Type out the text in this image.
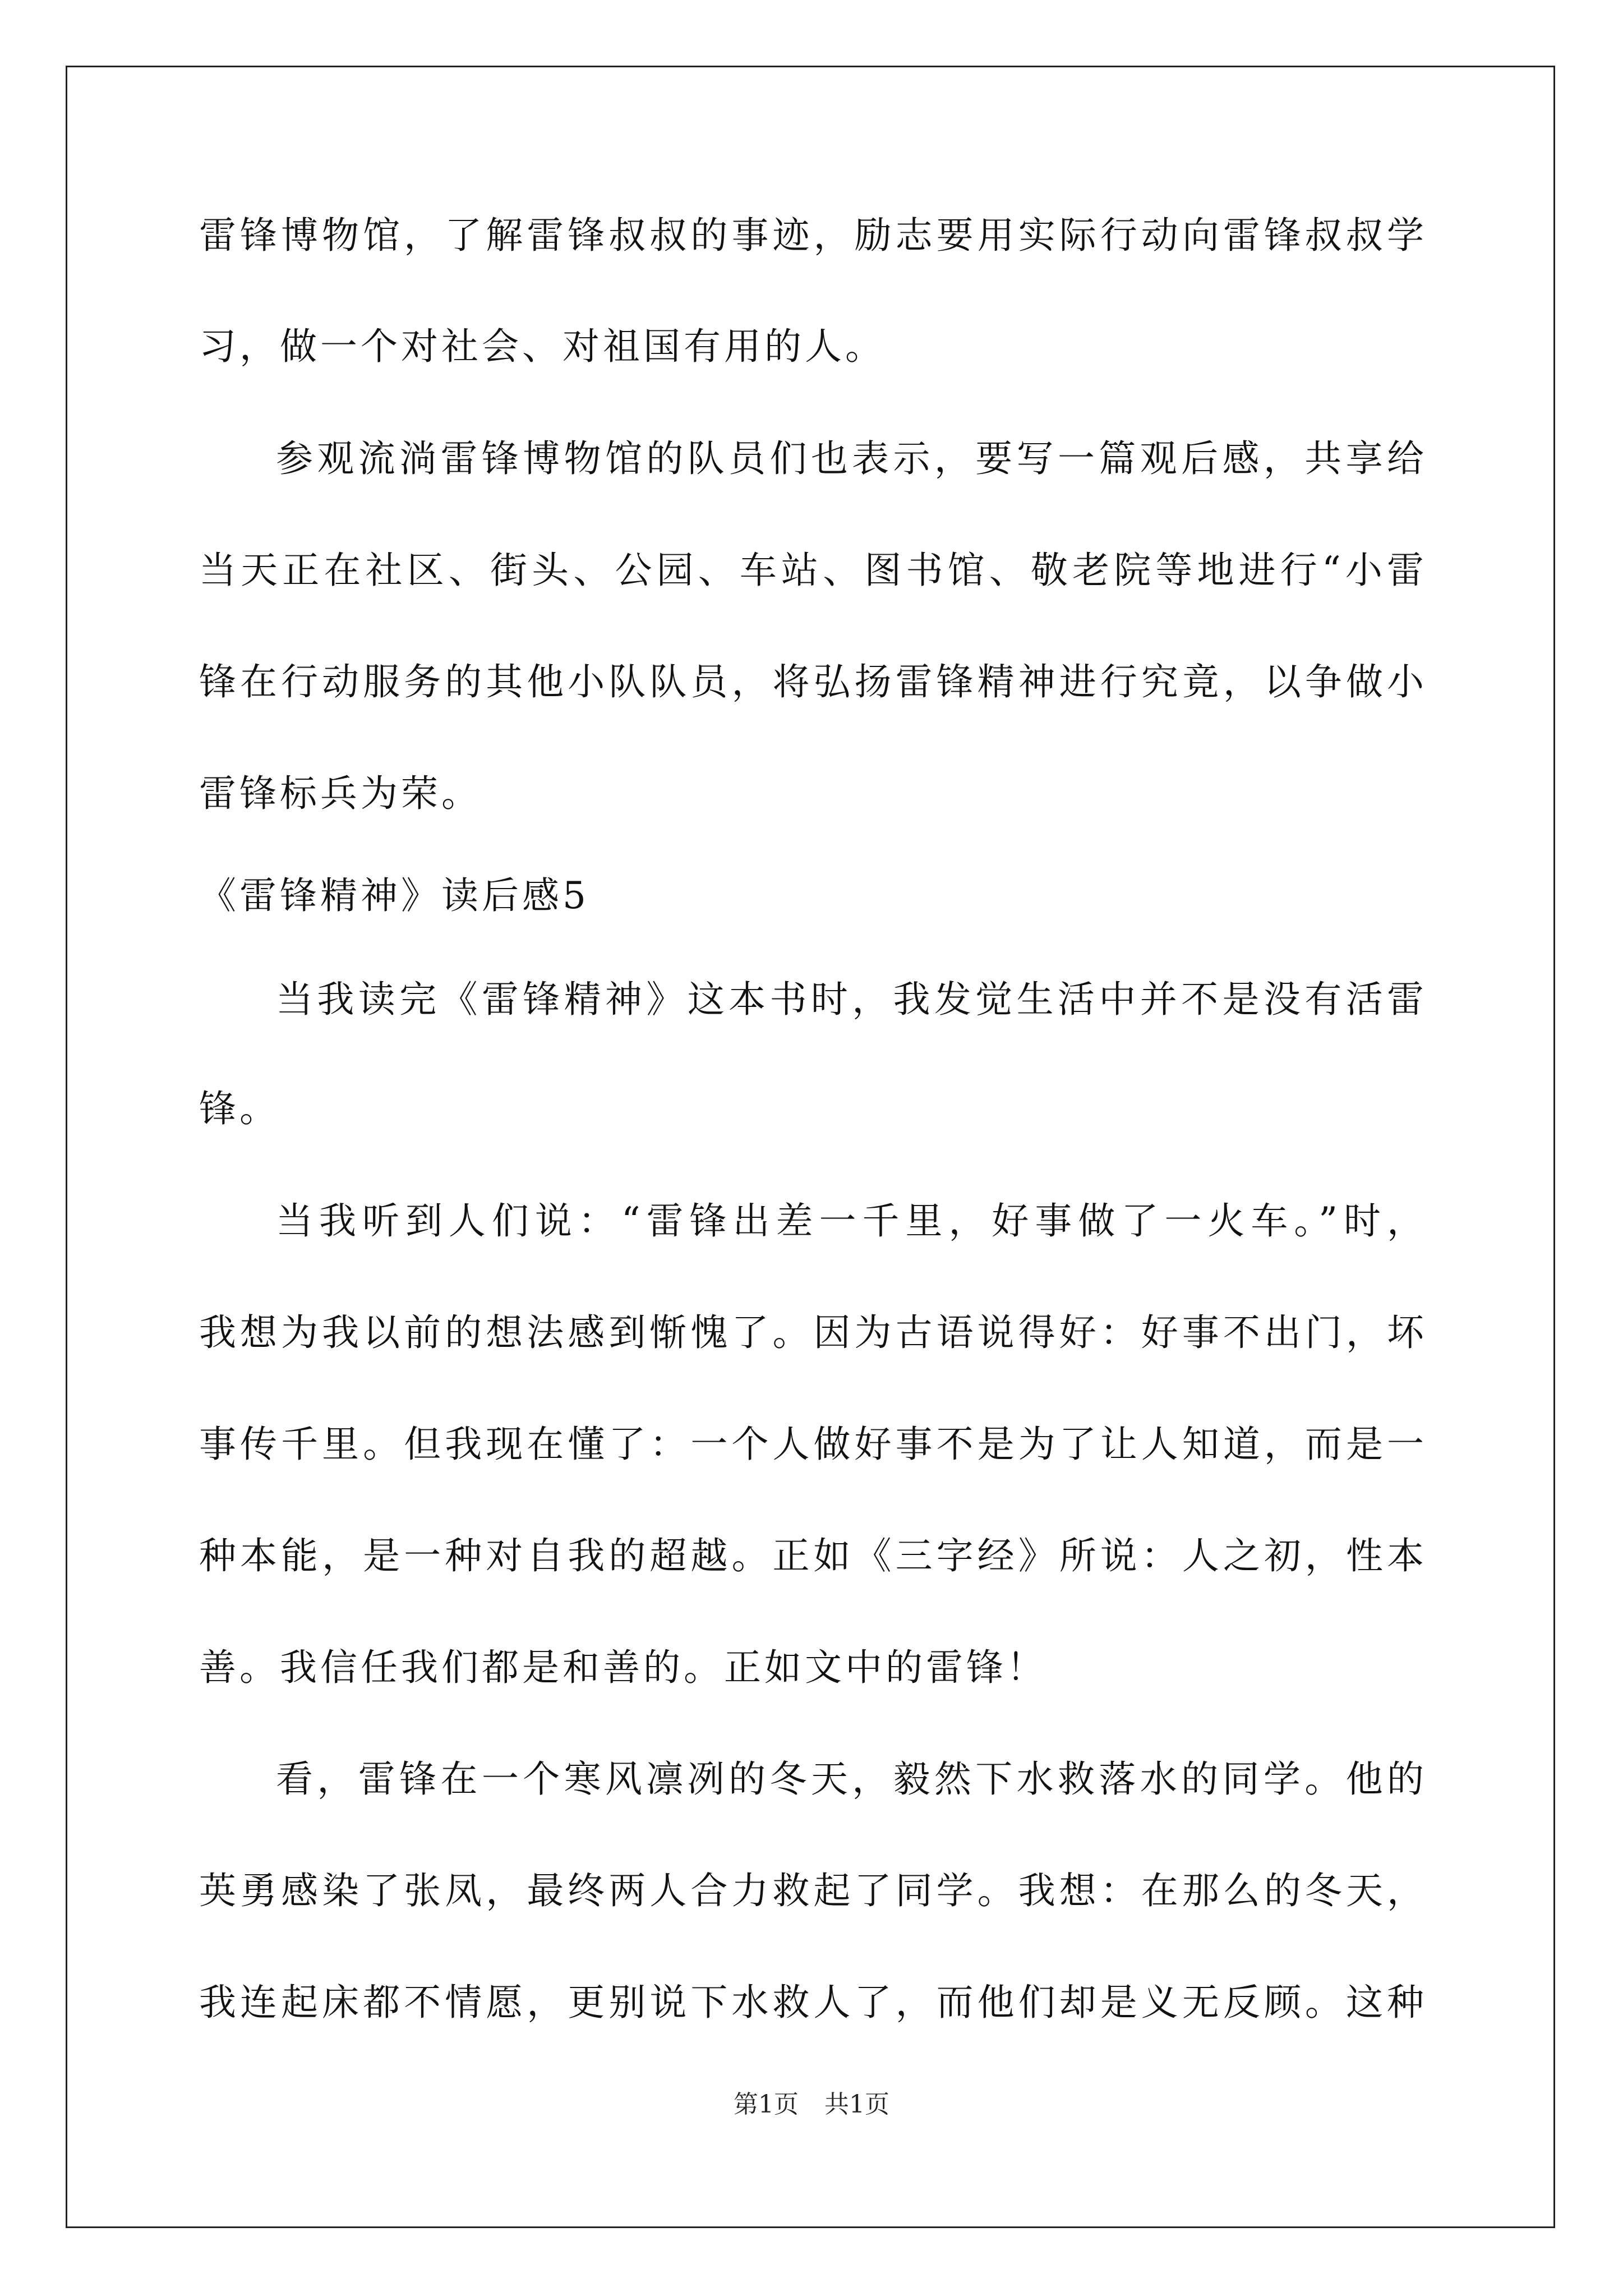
雷锋博物馆，了解雷锋叔叔的事迹，励志要用实际行动向雷锋叔叔学
习，做一个对社会、对祖国有用的人。
参观流淌雷锋博物馆的队员们也表示，要写一篇观后感，共享给
当天正在社区、街头、公园、车站、图书馆、敬老院等地进行“小雷
锋在行动服务的其他小队队员，将弘扬雷锋精神进行究竟，以争做小
雷锋标兵为荣。
《雷锋精神》读后感5
当我读完《雷锋精神》这本书时，我发觉生活中并不是没有活雷
锋。
当我听到人们说：“雷锋出差一千里，好事做了一火车。”时，
我想为我以前的想法感到惭愧了。因为古语说得好：好事不出门，坏
事传千里。但我现在懂了：一个人做好事不是为了让人知道，而是一
种本能，是一种对自我的超越。正如《三字经》所说：人之初，性本
善。我信任我们都是和善的。正如文中的雷锋！
看，雷锋在一个寒风凛冽的冬天，毅然下水救落水的同学。他的
英勇感染了张凤，最终两人合力救起了同学。我想：在那么的冬天，
我连起床都不情愿，更别说下水救人了，而他们却是义无反顾。这种
第1页 共1页
